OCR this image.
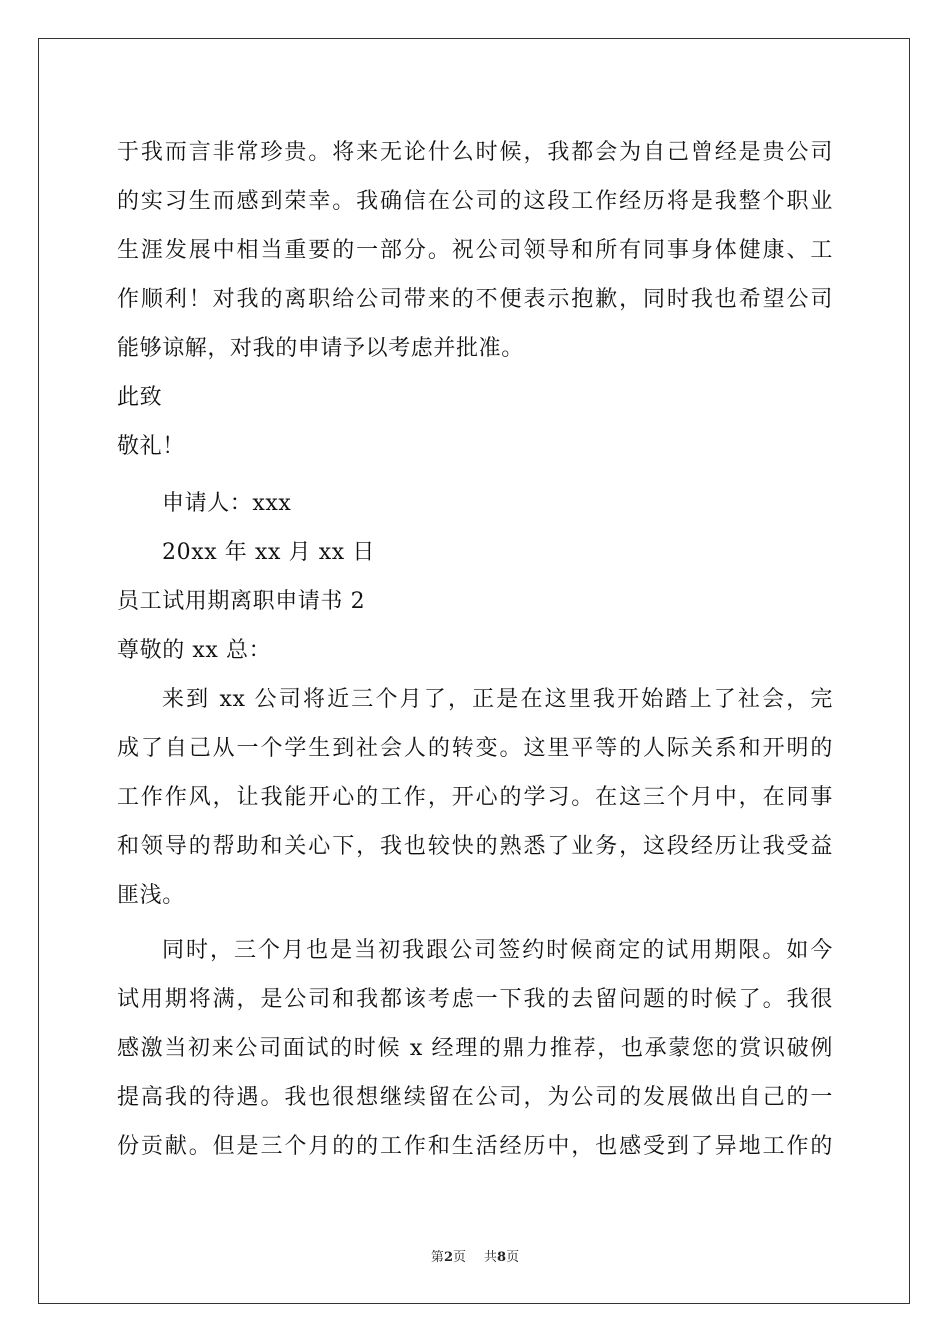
于我而言非常珍贵。将来无论什么时候，我都会为自己曾经是贵公司
的实习生而感到荣幸。我确信在公司的这段工作经历将是我整个职业
生涯发展中相当重要的一部分。祝公司领导和所有同事身体健康、工
作顺利！对我的离职给公司带来的不便表示抱歉，同时我也希望公司
能够谅解，对我的申请予以考虑并批准。
此致
敬礼！
申请人：xxx
20xx 年 xx 月 xx 日
员工试用期离职申请书 2
尊敬的 xx 总：
来到 xx 公司将近三个月了，正是在这里我开始踏上了社会，完
成了自己从一个学生到社会人的转变。这里平等的人际关系和开明的
工作作风，让我能开心的工作，开心的学习。在这三个月中，在同事
和领导的帮助和关心下，我也较快的熟悉了业务，这段经历让我受益
匪浅。
同时，三个月也是当初我跟公司签约时候商定的试用期限。如今
试用期将满，是公司和我都该考虑一下我的去留问题的时候了。我很
感激当初来公司面试的时候 x 经理的鼎力推荐，也承蒙您的赏识破例
提高我的待遇。我也很想继续留在公司，为公司的发展做出自己的一
份贡献。但是三个月的的工作和生活经历中，也感受到了异地工作的
第2页 共8页
